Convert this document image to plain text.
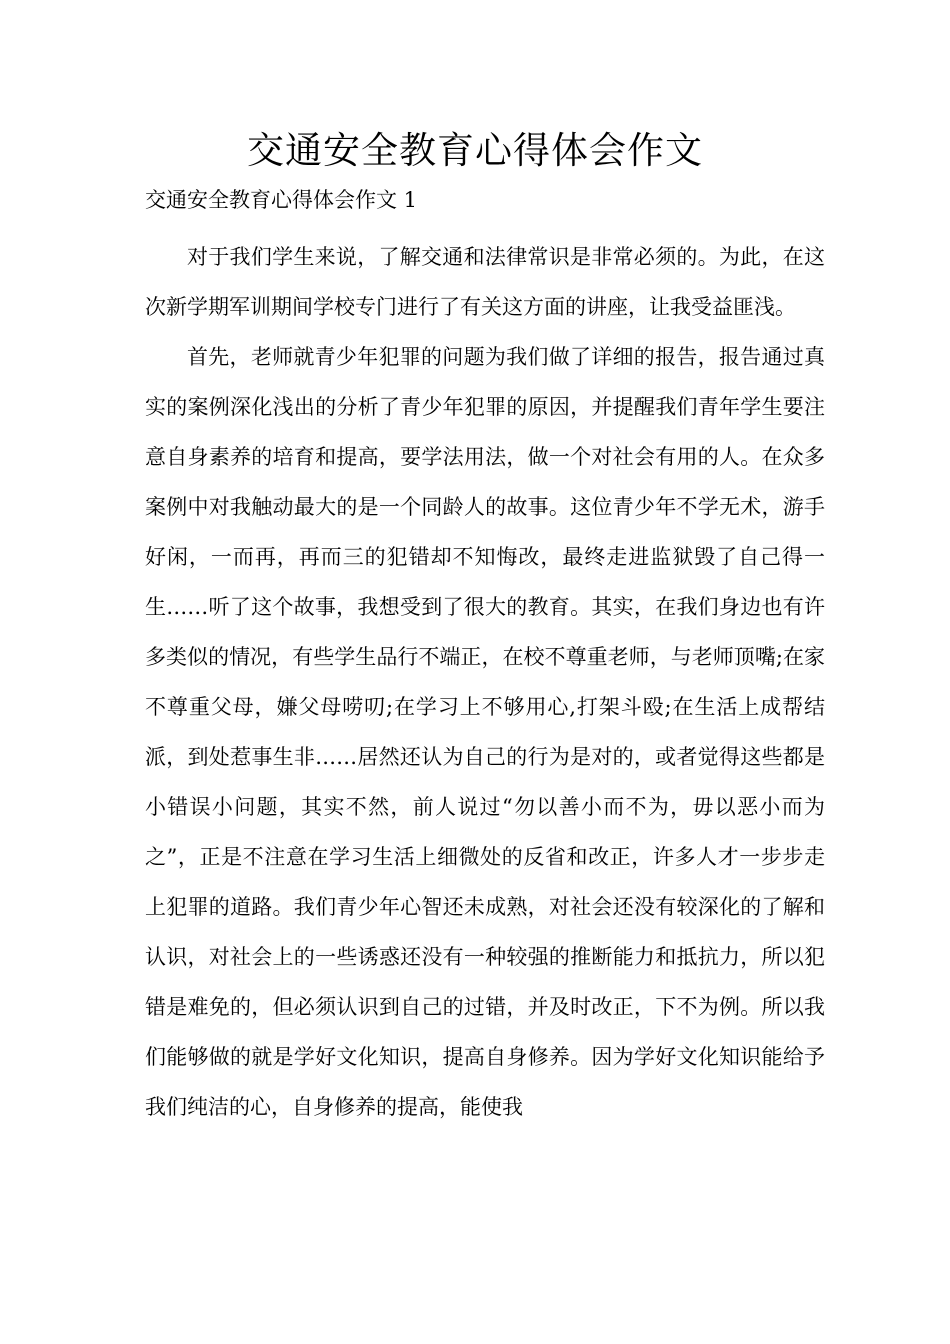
交通安全教育心得体会作文

交通安全教育心得体会作文 1

对于我们学生来说，了解交通和法律常识是非常必须的。为此，在这次新学期军训期间学校专门进行了有关这方面的讲座，让我受益匪浅。

首先，老师就青少年犯罪的问题为我们做了详细的报告，报告通过真实的案例深化浅出的分析了青少年犯罪的原因，并提醒我们青年学生要注意自身素养的培育和提高，要学法用法，做一个对社会有用的人。在众多案例中对我触动最大的是一个同龄人的故事。这位青少年不学无术，游手好闲，一而再，再而三的犯错却不知悔改，最终走进监狱毁了自己得一生……听了这个故事，我想受到了很大的教育。其实，在我们身边也有许多类似的情况，有些学生品行不端正，在校不尊重老师，与老师顶嘴;在家不尊重父母，嫌父母唠叨;在学习上不够用心,打架斗殴;在生活上成帮结派，到处惹事生非……居然还认为自己的行为是对的，或者觉得这些都是小错误小问题，其实不然，前人说过“勿以善小而不为，毋以恶小而为之”，正是不注意在学习生活上细微处的反省和改正，许多人才一步步走上犯罪的道路。我们青少年心智还未成熟，对社会还没有较深化的了解和认识，对社会上的一些诱惑还没有一种较强的推断能力和抵抗力，所以犯错是难免的，但必须认识到自己的过错，并及时改正，下不为例。所以我们能够做的就是学好文化知识，提高自身修养。因为学好文化知识能给予我们纯洁的心，自身修养的提高，能使我
